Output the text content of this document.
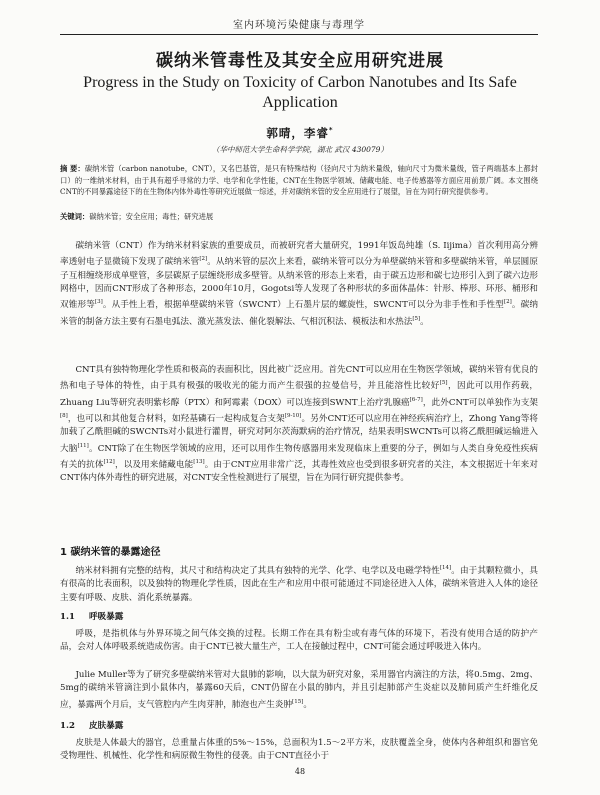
室内环境污染健康与毒理学
碳纳米管毒性及其安全应用研究进展
Progress in the Study on Toxicity of Carbon Nanotubes and Its Safe Application
郭晴，李睿*
（华中师范大学生命科学学院，湖北 武汉 430079）
摘 要：碳纳米管（carbon nanotube，CNT），又名巴基管，是只有特殊结构（径向尺寸为纳米量级，轴向尺寸为微米量级，管子两端基本上都封口）的一维纳米材料，由于具有超乎寻常的力学、电学和化学性能，CNT在生物医学领域、储藏电能、电子传感器等方面应用前景广阔。本文围绕CNT的不同暴露途径下的在生物体内体外毒性等研究近展做一综述，并对碳纳米管的安全应用进行了展望，旨在为同行研究提供参考。
关键词：碳纳米管；安全应用；毒性；研究进展
碳纳米管（CNT）作为纳米材料家族的重要成员，而被研究者大量研究，1991年饭岛纯雄（S. Iijima）首次利用高分辨率透射电子显微镜下发现了碳纳米管[2]。从纳米管的层次上来看，碳纳米管可以分为单壁碳纳米管和多壁碳纳米管，单层圆原子互相缠绕形成单壁管，多层碳原子层缠绕形成多壁管。从纳米管的形态上来看，由于碳五边形和碳七边形引入到了碳六边形网格中，因而CNT形成了各种形态，2000年10月，Gogotsi等人发现了各种形状的多面体晶体：针形、棒形、环形、桶形和双锥形等[3]。从手性上看，根据单壁碳纳米管（SWCNT）上石墨片层的螺旋性，SWCNT可以分为非手性和手性型[2]。碳纳米管的制备方法主要有石墨电弧法、激光蒸发法、催化裂解法、气相沉积法、模板法和水热法[5]。
CNT具有独特物理化学性质和极高的表面积比，因此被广泛应用。首先CNT可以应用在生物医学领域，碳纳米管有优良的热和电子导体的特性，由于具有极强的吸收光的能力而产生很强的拉曼信号，并且能溶性比较好[5]，因此可以用作药载，Zhuang Liu等研究表明紫杉醇（PTX）和阿霉素（DOX）可以连接到SWNT上治疗乳腺癌[6-7]，此外CNT可以单独作为支架[8]，也可以和其他复合材料，如羟基磷石一起构成复合支架[9-10]。另外CNT还可以应用在神经疾病治疗上，Zhong Yang等将加载了乙酰胆碱的SWCNTs对小鼠进行灌胃，研究对阿尔茨海默病的治疗情况，结果表明SWCNTs可以将乙酰胆碱运输进入大脑[11]。CNT除了在生物医学领域的应用，还可以用作生物传感器用来发现临床上重要的分子，例如与人类自身免疫性疾病有关的抗体[12]，以及用来储藏电能[13]。由于CNT应用非常广泛，其毒性效应也受到很多研究者的关注，本文根据近十年来对CNT体内体外毒性的研究进展，对CNT安全性检测进行了展望，旨在为同行研究提供参考。
1 碳纳米管的暴露途径
纳米材料拥有完整的结构，其尺寸和结构决定了其具有独特的光学、化学、电学以及电磁学特性[14]。由于其颗粒微小，具有很高的比表面积，以及独特的物理化学性质，因此在生产和应用中很可能通过不同途径进入人体，碳纳米管进入人体的途径主要有呼吸、皮肤、消化系统暴露。
1.1 呼吸暴露
呼吸，是指机体与外界环境之间气体交换的过程。长期工作在具有粉尘或有毒气体的环境下，若没有使用合适的防护产品，会对人体呼吸系统造成伤害。由于CNT已被大量生产，工人在接触过程中，CNT可能会通过呼吸进入体内。
Julie Muller等为了研究多壁碳纳米管对大鼠肺的影响，以大鼠为研究对象，采用器官内滴注的方法，将0.5mg、2mg、5mg的碳纳米管滴注到小鼠体内，暴露60天后，CNT仍留在小鼠的肺内，并且引起肺部产生炎症以及肺间质产生纤维化反应，暴露两个月后，支气管腔内产生肉芽肿，肺泡也产生炎肿[15]。
1.2 皮肤暴露
皮肤是人体最大的器官，总重量占体重的5%～15%，总面积为1.5～2平方米，皮肤覆盖全身，使体内各种组织和器官免受物理性、机械性、化学性和病原微生物性的侵袭。由于CNT直径小于
48
